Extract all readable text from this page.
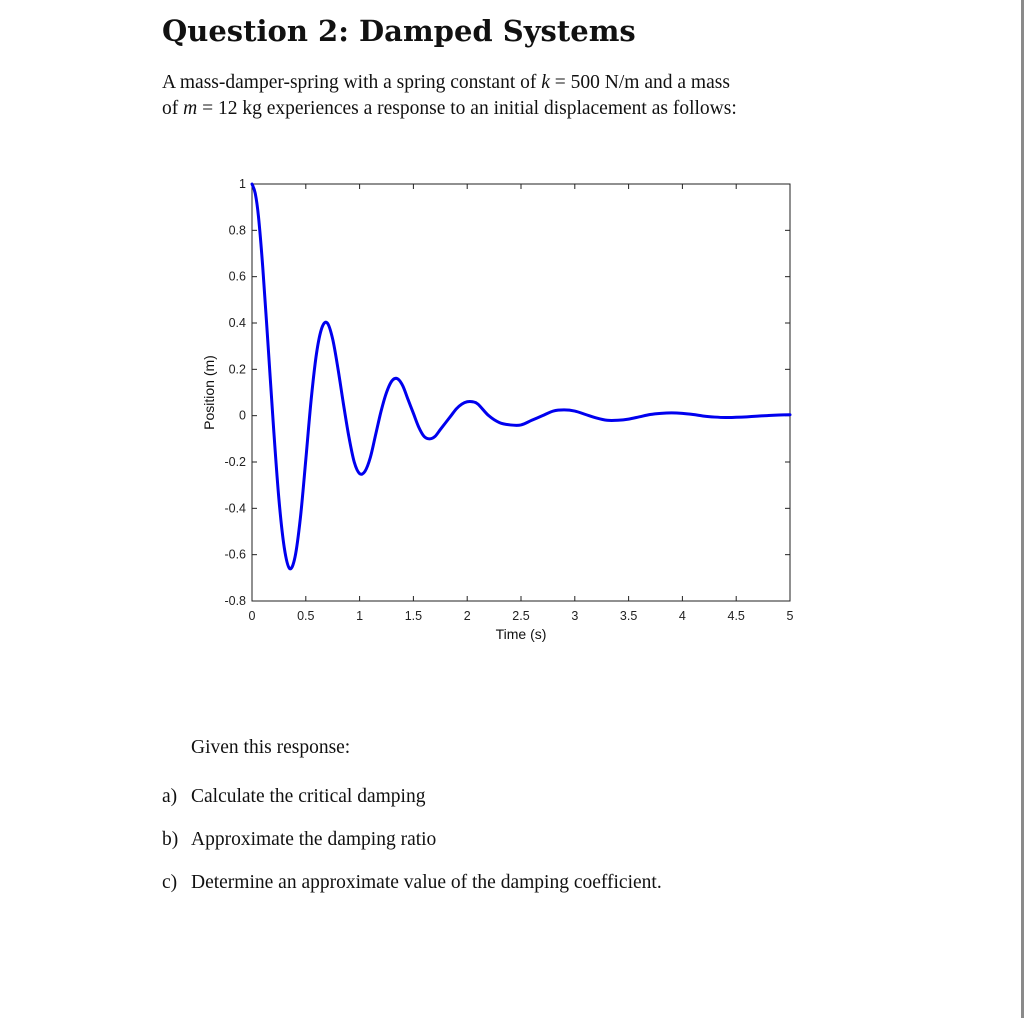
Question 2: Damped Systems

A mass-damper-spring with a spring constant of k = 500 N/m and a mass
of m = 12 kg experiences a response to an initial displacement as follows:

0	0.5	1	1.5	2	2.5	3	3.5	4	4.5	5
-0.8
-0.6
-0.4
-0.2
0
0.2
0.4
0.6
0.8
1
Time (s)
Position (m)

Given this response:

a) Calculate the critical damping
b) Approximate the damping ratio
c) Determine an approximate value of the damping coefficient.
